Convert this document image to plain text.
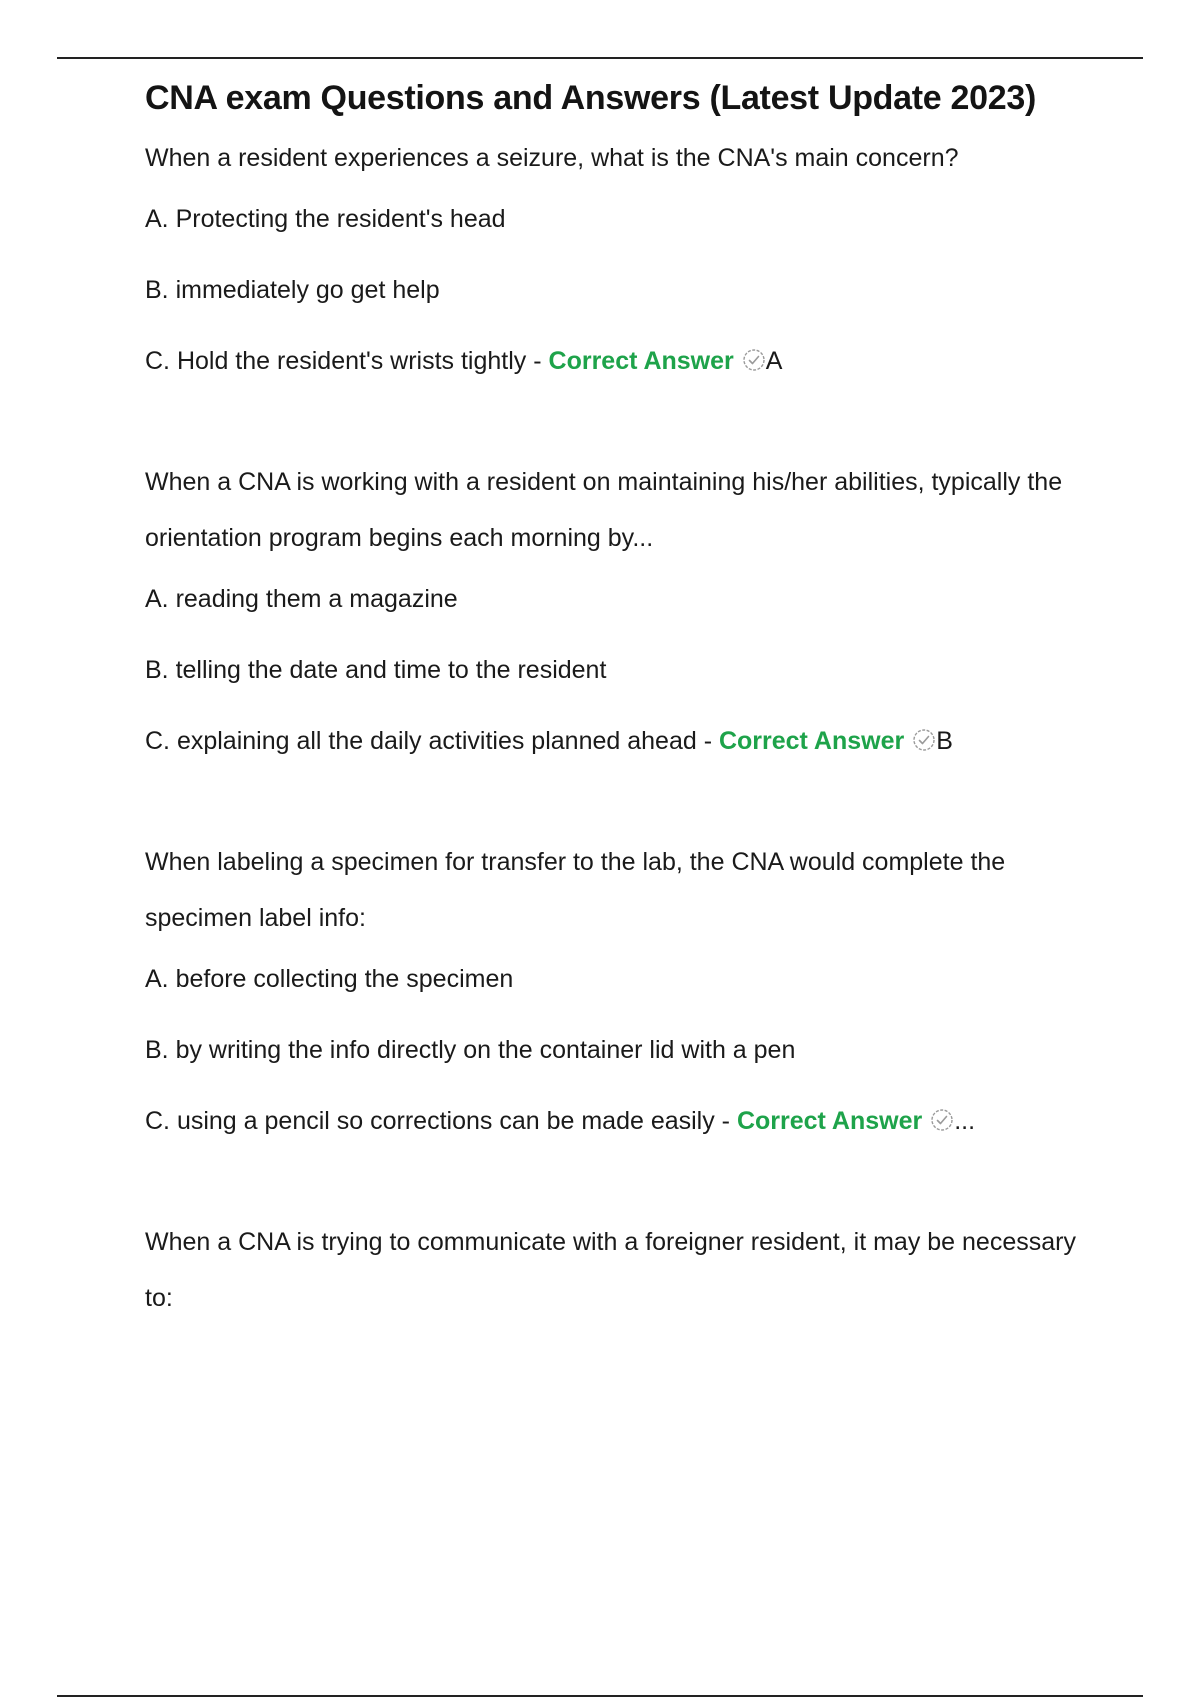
CNA exam Questions and Answers (Latest Update 2023)

When a resident experiences a seizure, what is the CNA's main concern?

A. Protecting the resident's head

B. immediately go get help

C. Hold the resident's wrists tightly - Correct Answer A

When a CNA is working with a resident on maintaining his/her abilities, typically the orientation program begins each morning by...

A. reading them a magazine

B. telling the date and time to the resident

C. explaining all the daily activities planned ahead - Correct Answer B

When labeling a specimen for transfer to the lab, the CNA would complete the specimen label info:

A. before collecting the specimen

B. by writing the info directly on the container lid with a pen

C. using a pencil so corrections can be made easily - Correct Answer ...

When a CNA is trying to communicate with a foreigner resident, it may be necessary to:
